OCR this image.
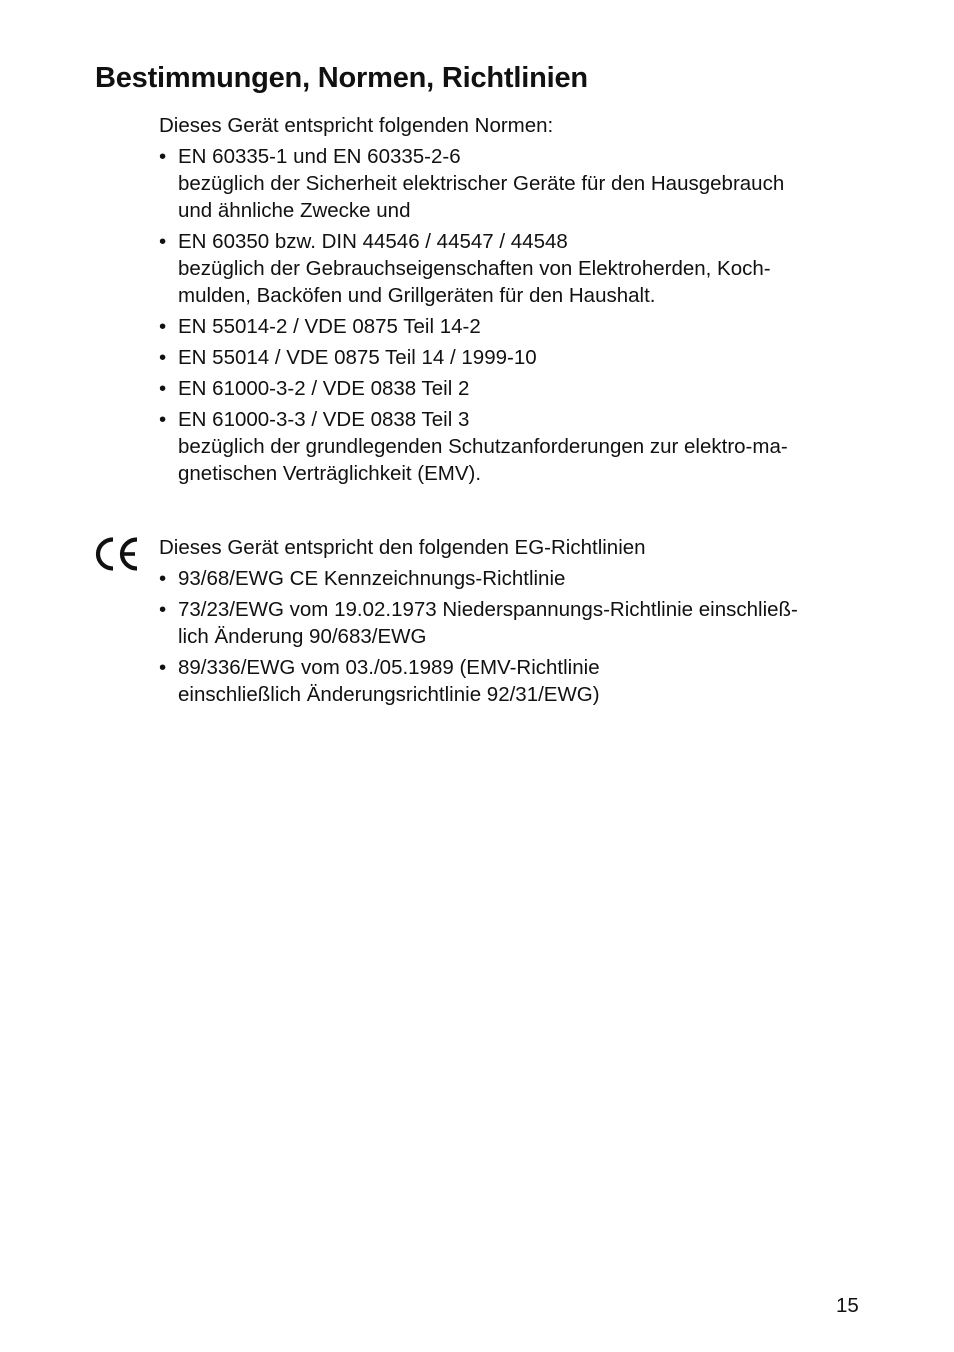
Bestimmungen, Normen, Richtlinien

Dieses Gerät entspricht folgenden Normen:

• EN 60335-1 und EN 60335-2-6
bezüglich der Sicherheit elektrischer Geräte für den Hausgebrauch
und ähnliche Zwecke und
• EN 60350 bzw. DIN 44546 / 44547 / 44548
bezüglich der Gebrauchseigenschaften von Elektroherden, Koch-
mulden, Backöfen und Grillgeräten für den Haushalt.
• EN 55014-2 / VDE 0875 Teil 14-2
• EN 55014 / VDE 0875 Teil 14 / 1999-10
• EN 61000-3-2 / VDE 0838 Teil 2
• EN 61000-3-3 / VDE 0838 Teil 3
bezüglich der grundlegenden Schutzanforderungen zur elektro-ma-
gnetischen Verträglichkeit (EMV).

Dieses Gerät entspricht den folgenden EG-Richtlinien

• 93/68/EWG CE Kennzeichnungs-Richtlinie
• 73/23/EWG vom 19.02.1973 Niederspannungs-Richtlinie einschließ-
lich Änderung 90/683/EWG
• 89/336/EWG vom 03./05.1989 (EMV-Richtlinie
einschließlich Änderungsrichtlinie 92/31/EWG)
15
